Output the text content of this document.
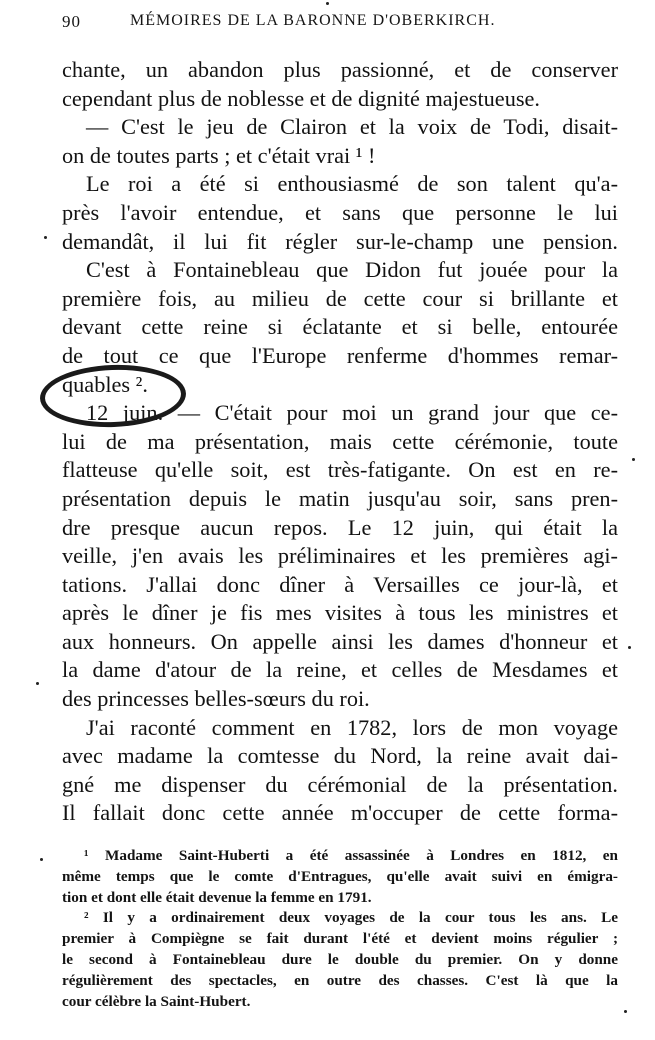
90	MÉMOIRES DE LA BARONNE D'OBERKIRCH.
chante, un abandon plus passionné, et de conserver
cependant plus de noblesse et de dignité majestueuse.
— C'est le jeu de Clairon et la voix de Todi, disait-
on de toutes parts ; et c'était vrai ¹ !
Le roi a été si enthousiasmé de son talent qu'a-
près l'avoir entendue, et sans que personne le lui
demandât, il lui fit régler sur-le-champ une pension.
C'est à Fontainebleau que Didon fut jouée pour la
première fois, au milieu de cette cour si brillante et
devant cette reine si éclatante et si belle, entourée
de tout ce que l'Europe renferme d'hommes remar-
quables ².
12 juin. — C'était pour moi un grand jour que ce-
lui de ma présentation, mais cette cérémonie, toute
flatteuse qu'elle soit, est très-fatigante. On est en re-
présentation depuis le matin jusqu'au soir, sans pren-
dre presque aucun repos. Le 12 juin, qui était la
veille, j'en avais les préliminaires et les premières agi-
tations. J'allai donc dîner à Versailles ce jour-là, et
après le dîner je fis mes visites à tous les ministres et
aux honneurs. On appelle ainsi les dames d'honneur et
la dame d'atour de la reine, et celles de Mesdames et
des princesses belles-sœurs du roi.
J'ai raconté comment en 1782, lors de mon voyage
avec madame la comtesse du Nord, la reine avait dai-
gné me dispenser du cérémonial de la présentation.
Il fallait donc cette année m'occuper de cette forma-
¹ Madame Saint-Huberti a été assassinée à Londres en 1812, en
même temps que le comte d'Entragues, qu'elle avait suivi en émigra-
tion et dont elle était devenue la femme en 1791.
² Il y a ordinairement deux voyages de la cour tous les ans. Le
premier à Compiègne se fait durant l'été et devient moins régulier ;
le second à Fontainebleau dure le double du premier. On y donne
régulièrement des spectacles, en outre des chasses. C'est là que la
cour célèbre la Saint-Hubert.
